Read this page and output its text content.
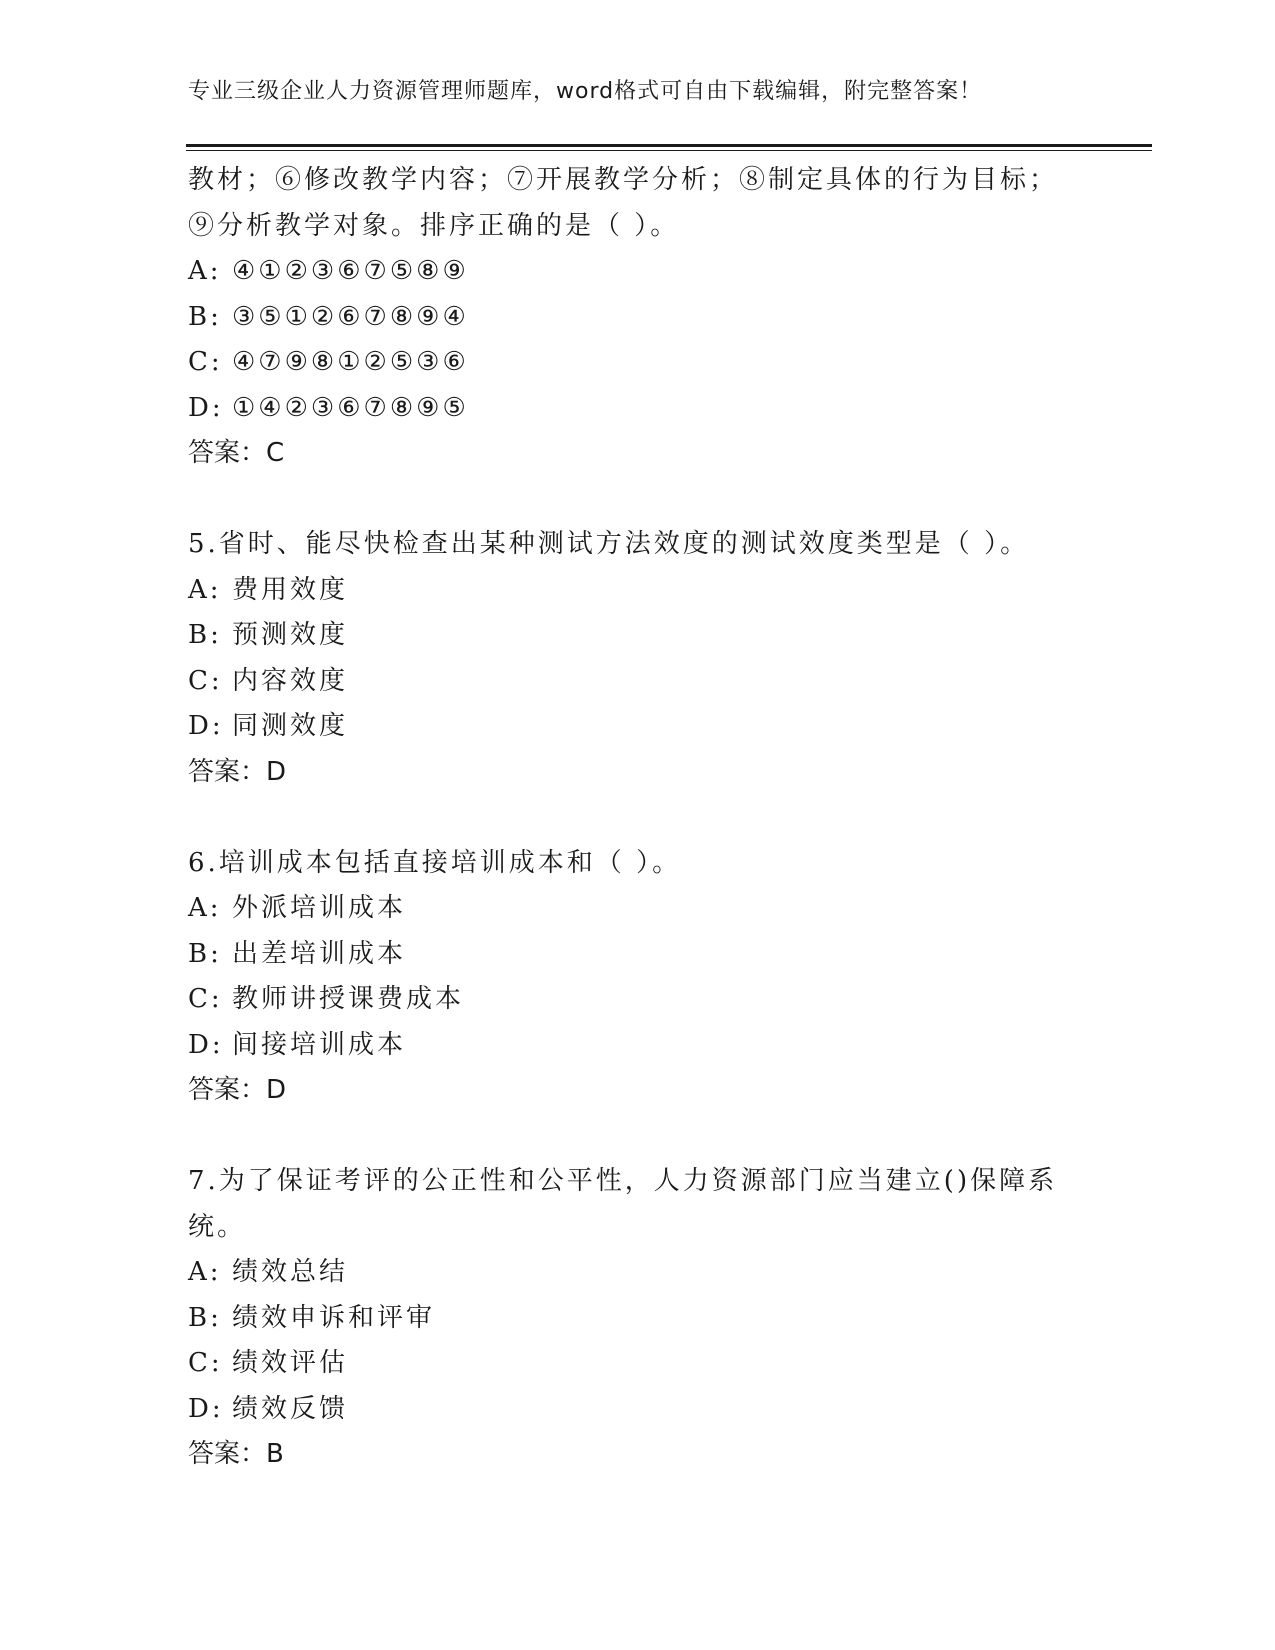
专业三级企业人力资源管理师题库，word格式可自由下载编辑，附完整答案！
教材；⑥修改教学内容；⑦开展教学分析；⑧制定具体的行为目标；
⑨分析教学对象。排序正确的是（ ）。
A: ④①②③⑥⑦⑤⑧⑨
B: ③⑤①②⑥⑦⑧⑨④
C: ④⑦⑨⑧①②⑤③⑥
D: ①④②③⑥⑦⑧⑨⑤
答案：C
5.省时、能尽快检查出某种测试方法效度的测试效度类型是（ ）。
A: 费用效度
B: 预测效度
C: 内容效度
D: 同测效度
答案：D
6.培训成本包括直接培训成本和（ ）。
A: 外派培训成本
B: 出差培训成本
C: 教师讲授课费成本
D: 间接培训成本
答案：D
7.为了保证考评的公正性和公平性，人力资源部门应当建立()保障系
统。
A: 绩效总结
B: 绩效申诉和评审
C: 绩效评估
D: 绩效反馈
答案：B
